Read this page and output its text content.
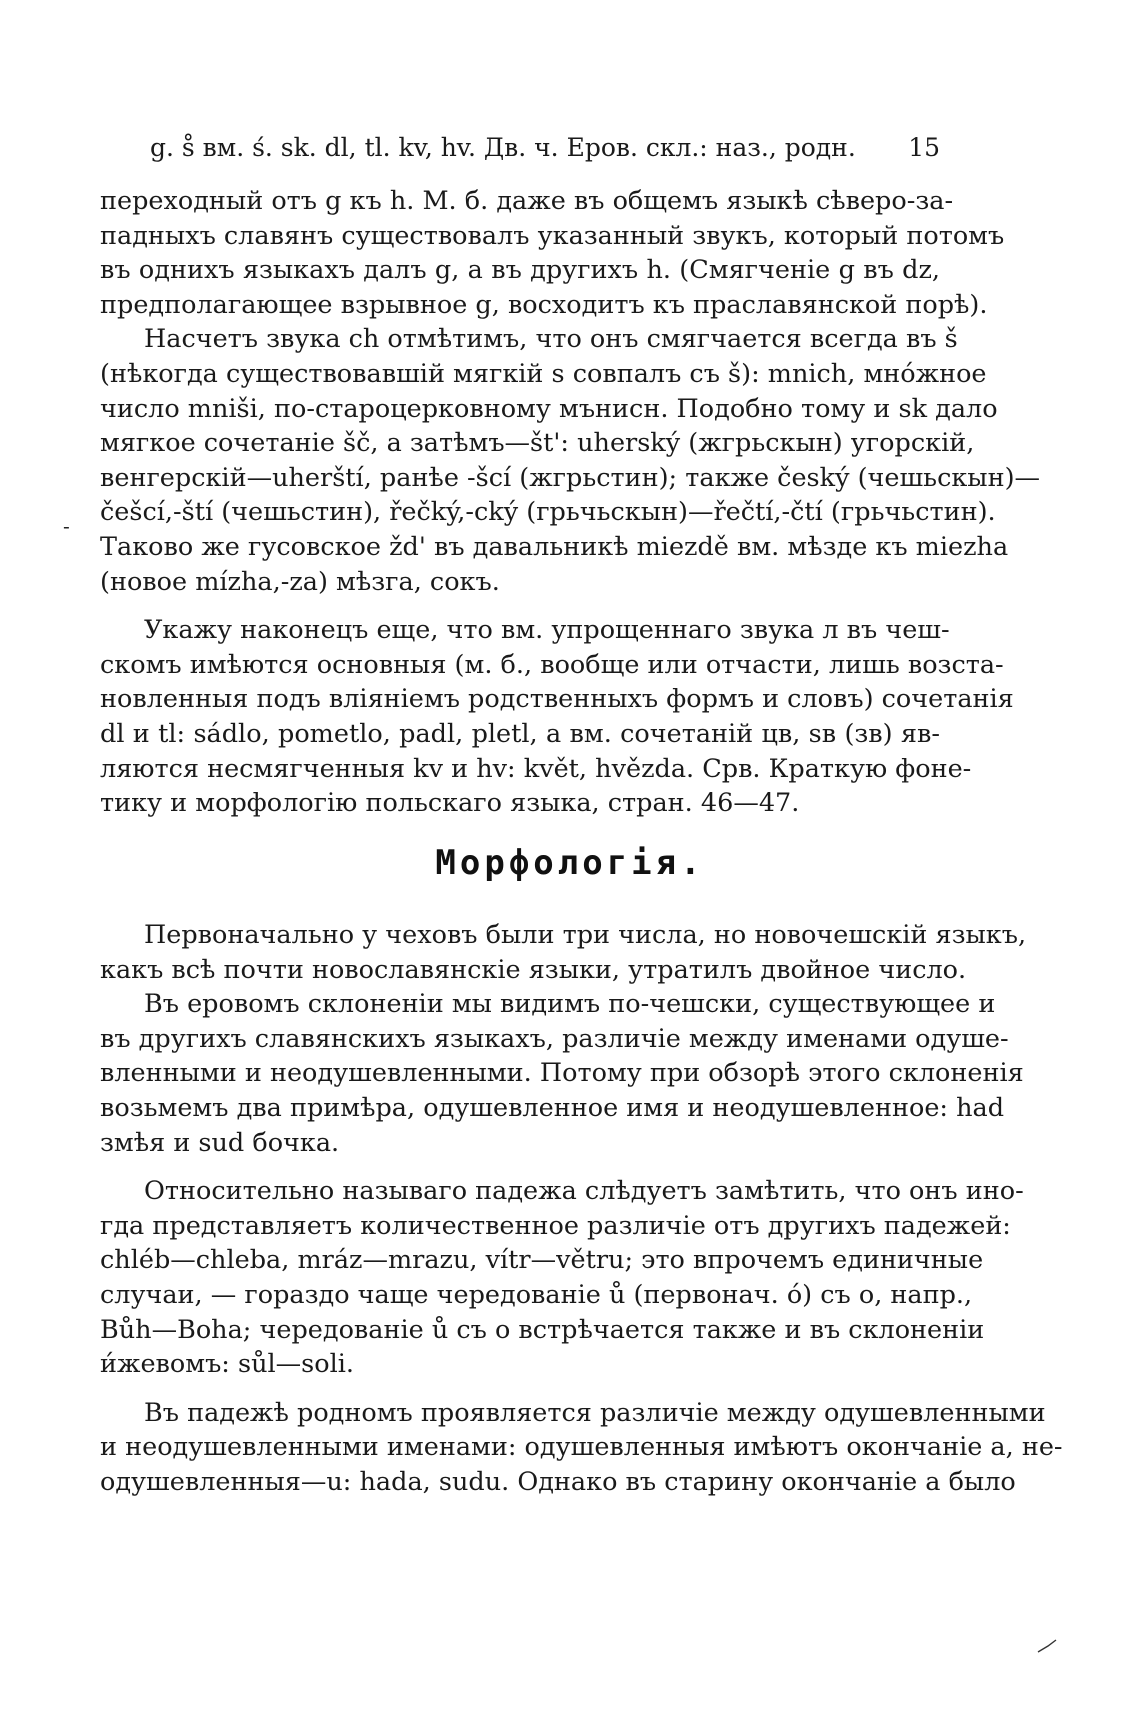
g. s̊ вм. ś. sk. dl, tl. kv, hv. Дв. ч. Еров. скл.: наз., родн. 15
-
переходный отъ g къ h. М. б. даже въ общемъ языкѣ сѣверо-за-
падныхъ славянъ существовалъ указанный звукъ, который потомъ
въ однихъ языкахъ далъ g, а въ другихъ h. (Смягченіе g въ dz,
предполагающее взрывное g, восходитъ къ праславянской порѣ).
Насчетъ звука ch отмѣтимъ, что онъ смягчается всегда въ š
(нѣкогда существовавшій мягкій s совпалъ съ š): mnich, мно́жное
число mniši, по-староцерковному мънисн. Подобно тому и sk дало
мягкое сочетаніе šč, а затѣмъ—št': uherský (жгрьскын) угорскій,
венгерскій—uherští, ранѣе -šcí (жгрьстин); также český (чешьскын)—
češcí,-ští (чешьстин), řečký,-cký (грьчьскын)—řečtí,-čtí (грьчьстин).
Таково же гусовское žd' въ давальникѣ miezdě вм. мѣзде къ miezha
(новое mízha,-za) мѣзга, сокъ.
Укажу наконецъ еще, что вм. упрощеннаго звука л въ чеш-
скомъ имѣются основныя (м. б., вообще или отчасти, лишь возста-
новленныя подъ вліяніемъ родственныхъ формъ и словъ) сочетанія
dl и tl: sádlo, pometlo, padl, pletl, а вм. сочетаній цв, ѕв (зв) яв-
ляются несмягченныя kv и hv: květ, hvězda. Срв. Краткую фоне-
тику и морфологію польскаго языка, стран. 46—47.
Морфологія.
Первоначально у чеховъ были три числа, но новочешскій языкъ,
какъ всѣ почти новославянскіе языки, утратилъ двойное число.
Въ еровомъ склоненіи мы видимъ по-чешски, существующее и
въ другихъ славянскихъ языкахъ, различіе между именами одуше-
вленными и неодушевленными. Потому при обзорѣ этого склоненія
возьмемъ два примѣра, одушевленное имя и неодушевленное: had
змѣя и sud бочка.
Относительно называго падежа слѣдуетъ замѣтить, что онъ ино-
гда представляетъ количественное различіе отъ другихъ падежей:
chléb—chleba, mráz—mrazu, vítr—větru; это впрочемъ единичные
случаи, — гораздо чаще чередованіе ů (первонач. о́) съ о, напр.,
Bůh—Boha; чередованіе ů съ о встрѣчается также и въ склоненіи
и́жевомъ: sůl—soli.
Въ падежѣ родномъ проявляется различіе между одушевленными
и неодушевленными именами: одушевленныя имѣютъ окончаніе a, не-
одушевленныя—u: hada, sudu. Однако въ старину окончаніе a было
